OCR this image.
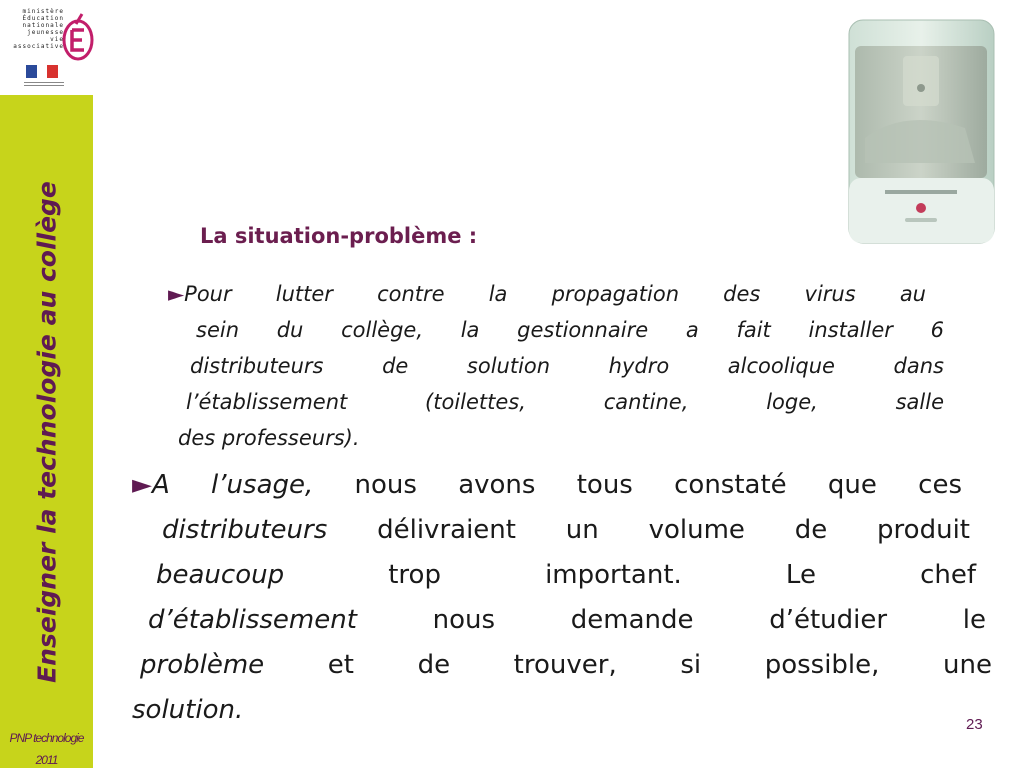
ministère
Éducation
nationale
jeunesse
vie associative
Enseigner la technologie au collège
PNP technologie
2011
La situation-problème :
►Pour lutter contre la propagation des virus au
sein du collège, la gestionnaire a fait installer 6
distributeurs de solution hydro alcoolique dans
l’établissement (toilettes, cantine, loge, salle
des professeurs).
►A l’usage, nous avons tous constaté que ces
distributeurs délivraient un volume de produit
beaucoup trop important. Le chef
d’établissement nous demande d’étudier le
problème et de trouver, si possible, une
solution.	23
